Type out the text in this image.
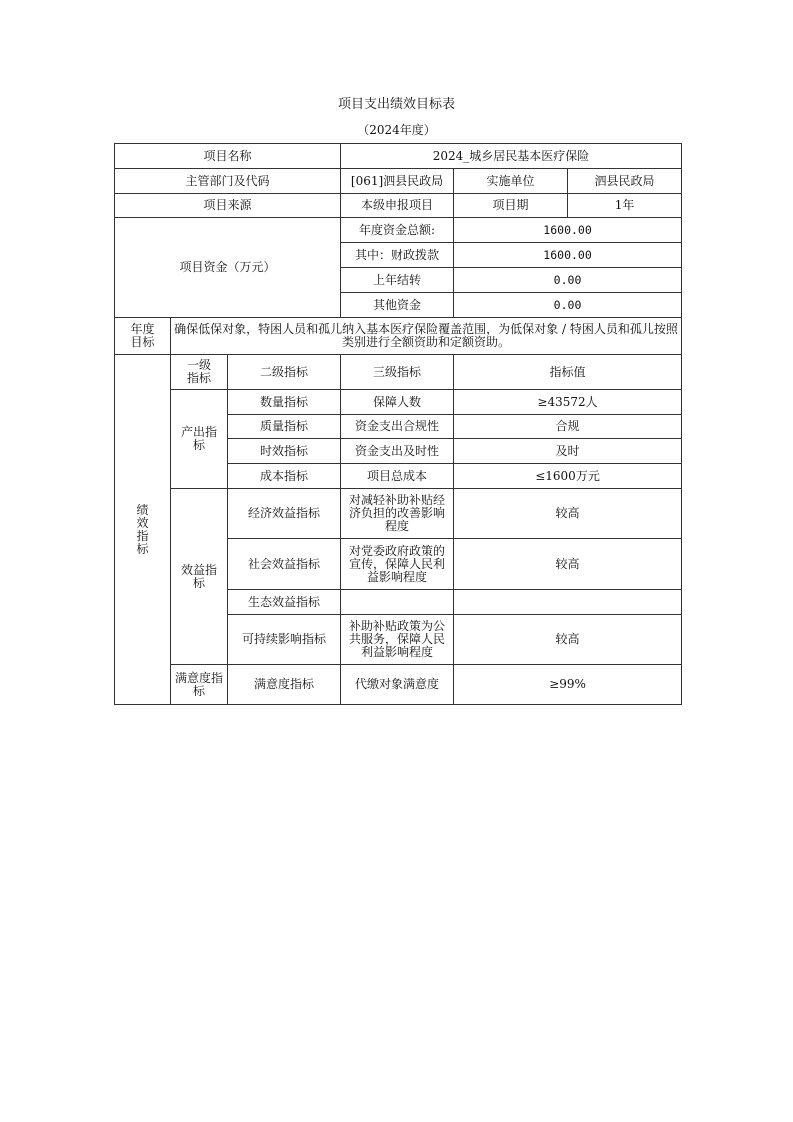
项目支出绩效目标表
（2024年度）
项目名称			2024_城乡居民基本医疗保险		
主管部门及代码			[061]泗县民政局	实施单位	泗县民政局
项目来源			本级申报项目	项目期	1年
项目资金（万元）			年度资金总额:	1600.00	
			其中：财政拨款	1600.00	
			上年结转	0.00	
			其他资金	0.00	
年度目标	确保低保对象，特困人员和孤儿纳入基本医疗保险覆盖范围，为低保对象 / 特困人员和孤儿按照类别进行全额资助和定额资助。				
绩效指标	一级指标	二级指标	三级指标	指标值	
	产出指标	数量指标	保障人数	≥43572人	
		质量指标	资金支出合规性	合规	
		时效指标	资金支出及时性	及时	
		成本指标	项目总成本	≤1600万元	
	效益指标	经济效益指标	对减轻补助补贴经济负担的改善影响程度	较高	
		社会效益指标	对党委政府政策的宣传，保障人民利益影响程度	较高	
		生态效益指标			
		可持续影响指标	补助补贴政策为公共服务，保障人民利益影响程度	较高	
	满意度指标	满意度指标	代缴对象满意度	≥99%	
